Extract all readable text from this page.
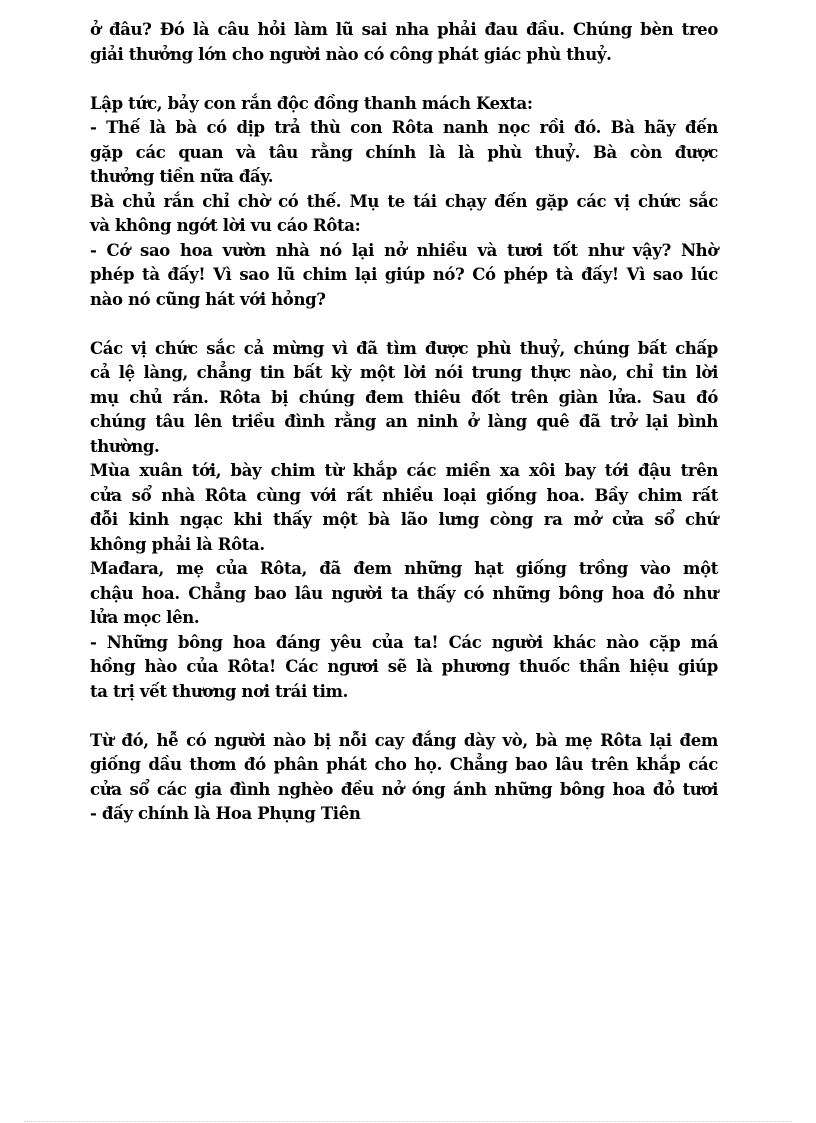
ở đâu? Đó là câu hỏi làm lũ sai nha phải đau đầu. Chúng bèn treo
giải thưởng lớn cho người nào có công phát giác phù thuỷ.
Lập tức, bảy con rắn độc đồng thanh mách Kexta:
- Thế là bà có dịp trả thù con Rôta nanh nọc rồi đó. Bà hãy đến
gặp các quan và tâu rằng chính là là phù thuỷ. Bà còn được
thưởng tiền nữa đấy.
Bà chủ rắn chỉ chờ có thế. Mụ te tái chạy đến gặp các vị chức sắc
và không ngớt lời vu cáo Rôta:
- Cớ sao hoa vườn nhà nó lại nở nhiều và tươi tốt như vậy? Nhờ
phép tà đấy! Vì sao lũ chim lại giúp nó? Có phép tà đấy! Vì sao lúc
nào nó cũng hát với hỏng?
Các vị chức sắc cả mừng vì đã tìm được phù thuỷ, chúng bất chấp
cả lệ làng, chẳng tin bất kỳ một lời nói trung thực nào, chỉ tin lời
mụ chủ rắn. Rôta bị chúng đem thiêu đốt trên giàn lửa. Sau đó
chúng tâu lên triều đình rằng an ninh ở làng quê đã trở lại bình
thường.
Mùa xuân tới, bày chim từ khắp các miền xa xôi bay tới đậu trên
cửa sổ nhà Rôta cùng với rất nhiều loại giống hoa. Bầy chim rất
đỗi kinh ngạc khi thấy một bà lão lưng còng ra mở cửa sổ chứ
không phải là Rôta.
Mađara, mẹ của Rôta, đã đem những hạt giống trồng vào một
chậu hoa. Chẳng bao lâu người ta thấy có những bông hoa đỏ như
lửa mọc lên.
- Những bông hoa đáng yêu của ta! Các người khác nào cặp má
hồng hào của Rôta! Các ngươi sẽ là phương thuốc thần hiệu giúp
ta trị vết thương nơi trái tim.
Từ đó, hễ có người nào bị nỗi cay đắng dày vò, bà mẹ Rôta lại đem
giống dầu thơm đó phân phát cho họ. Chẳng bao lâu trên khắp các
cửa sổ các gia đình nghèo đều nở óng ánh những bông hoa đỏ tươi
- đấy chính là Hoa Phụng Tiên
